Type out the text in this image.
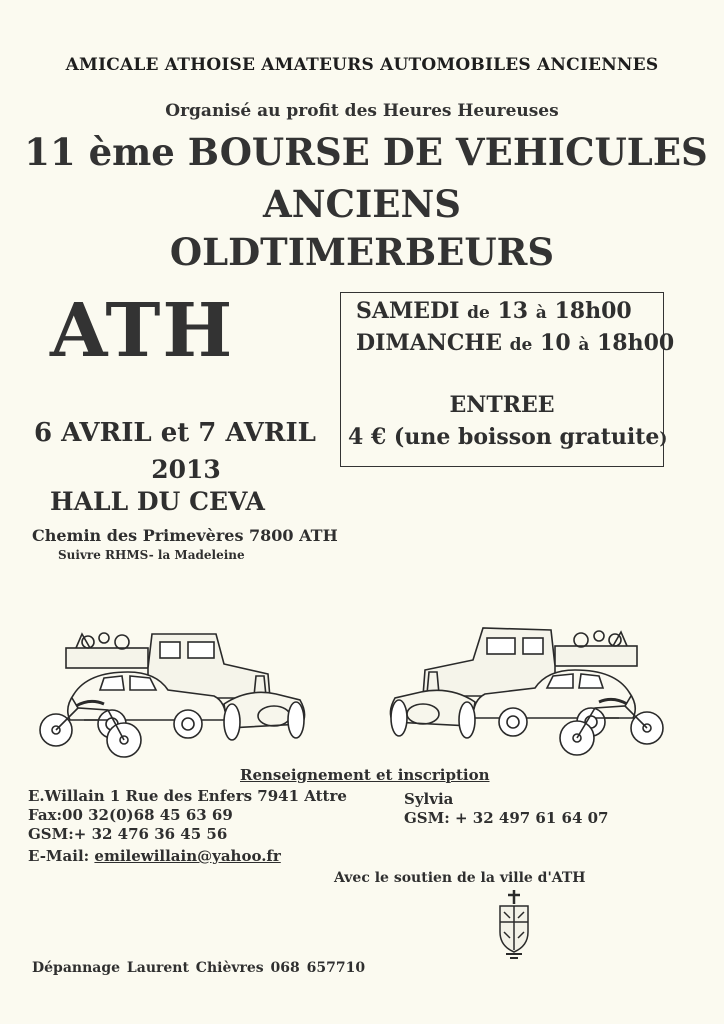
AMICALE ATHOISE AMATEURS AUTOMOBILES ANCIENNES
Organisé au profit des Heures Heureuses
11 ème BOURSE DE VEHICULES
ANCIENS
OLDTIMERBEURS
ATH	SAMEDI de 13 à 18h00
DIMANCHE de 10 à 18h00
ENTREE
4 € (une boisson gratuite)
6 AVRIL et 7 AVRIL
2013
HALL DU CEVA
Chemin des Primevères 7800 ATH
Suivre RHMS- la Madeleine
Renseignement et inscription
E.Willain 1 Rue des Enfers 7941 Attre
Fax:00 32(0)68 45 63 69
GSM:+ 32 476 36 45 56
E-Mail: emilewillain@yahoo.fr
Sylvia
GSM: + 32 497 61 64 07
Avec le soutien de la ville d'ATH
Dépannage Laurent Chièvres 068 657710
